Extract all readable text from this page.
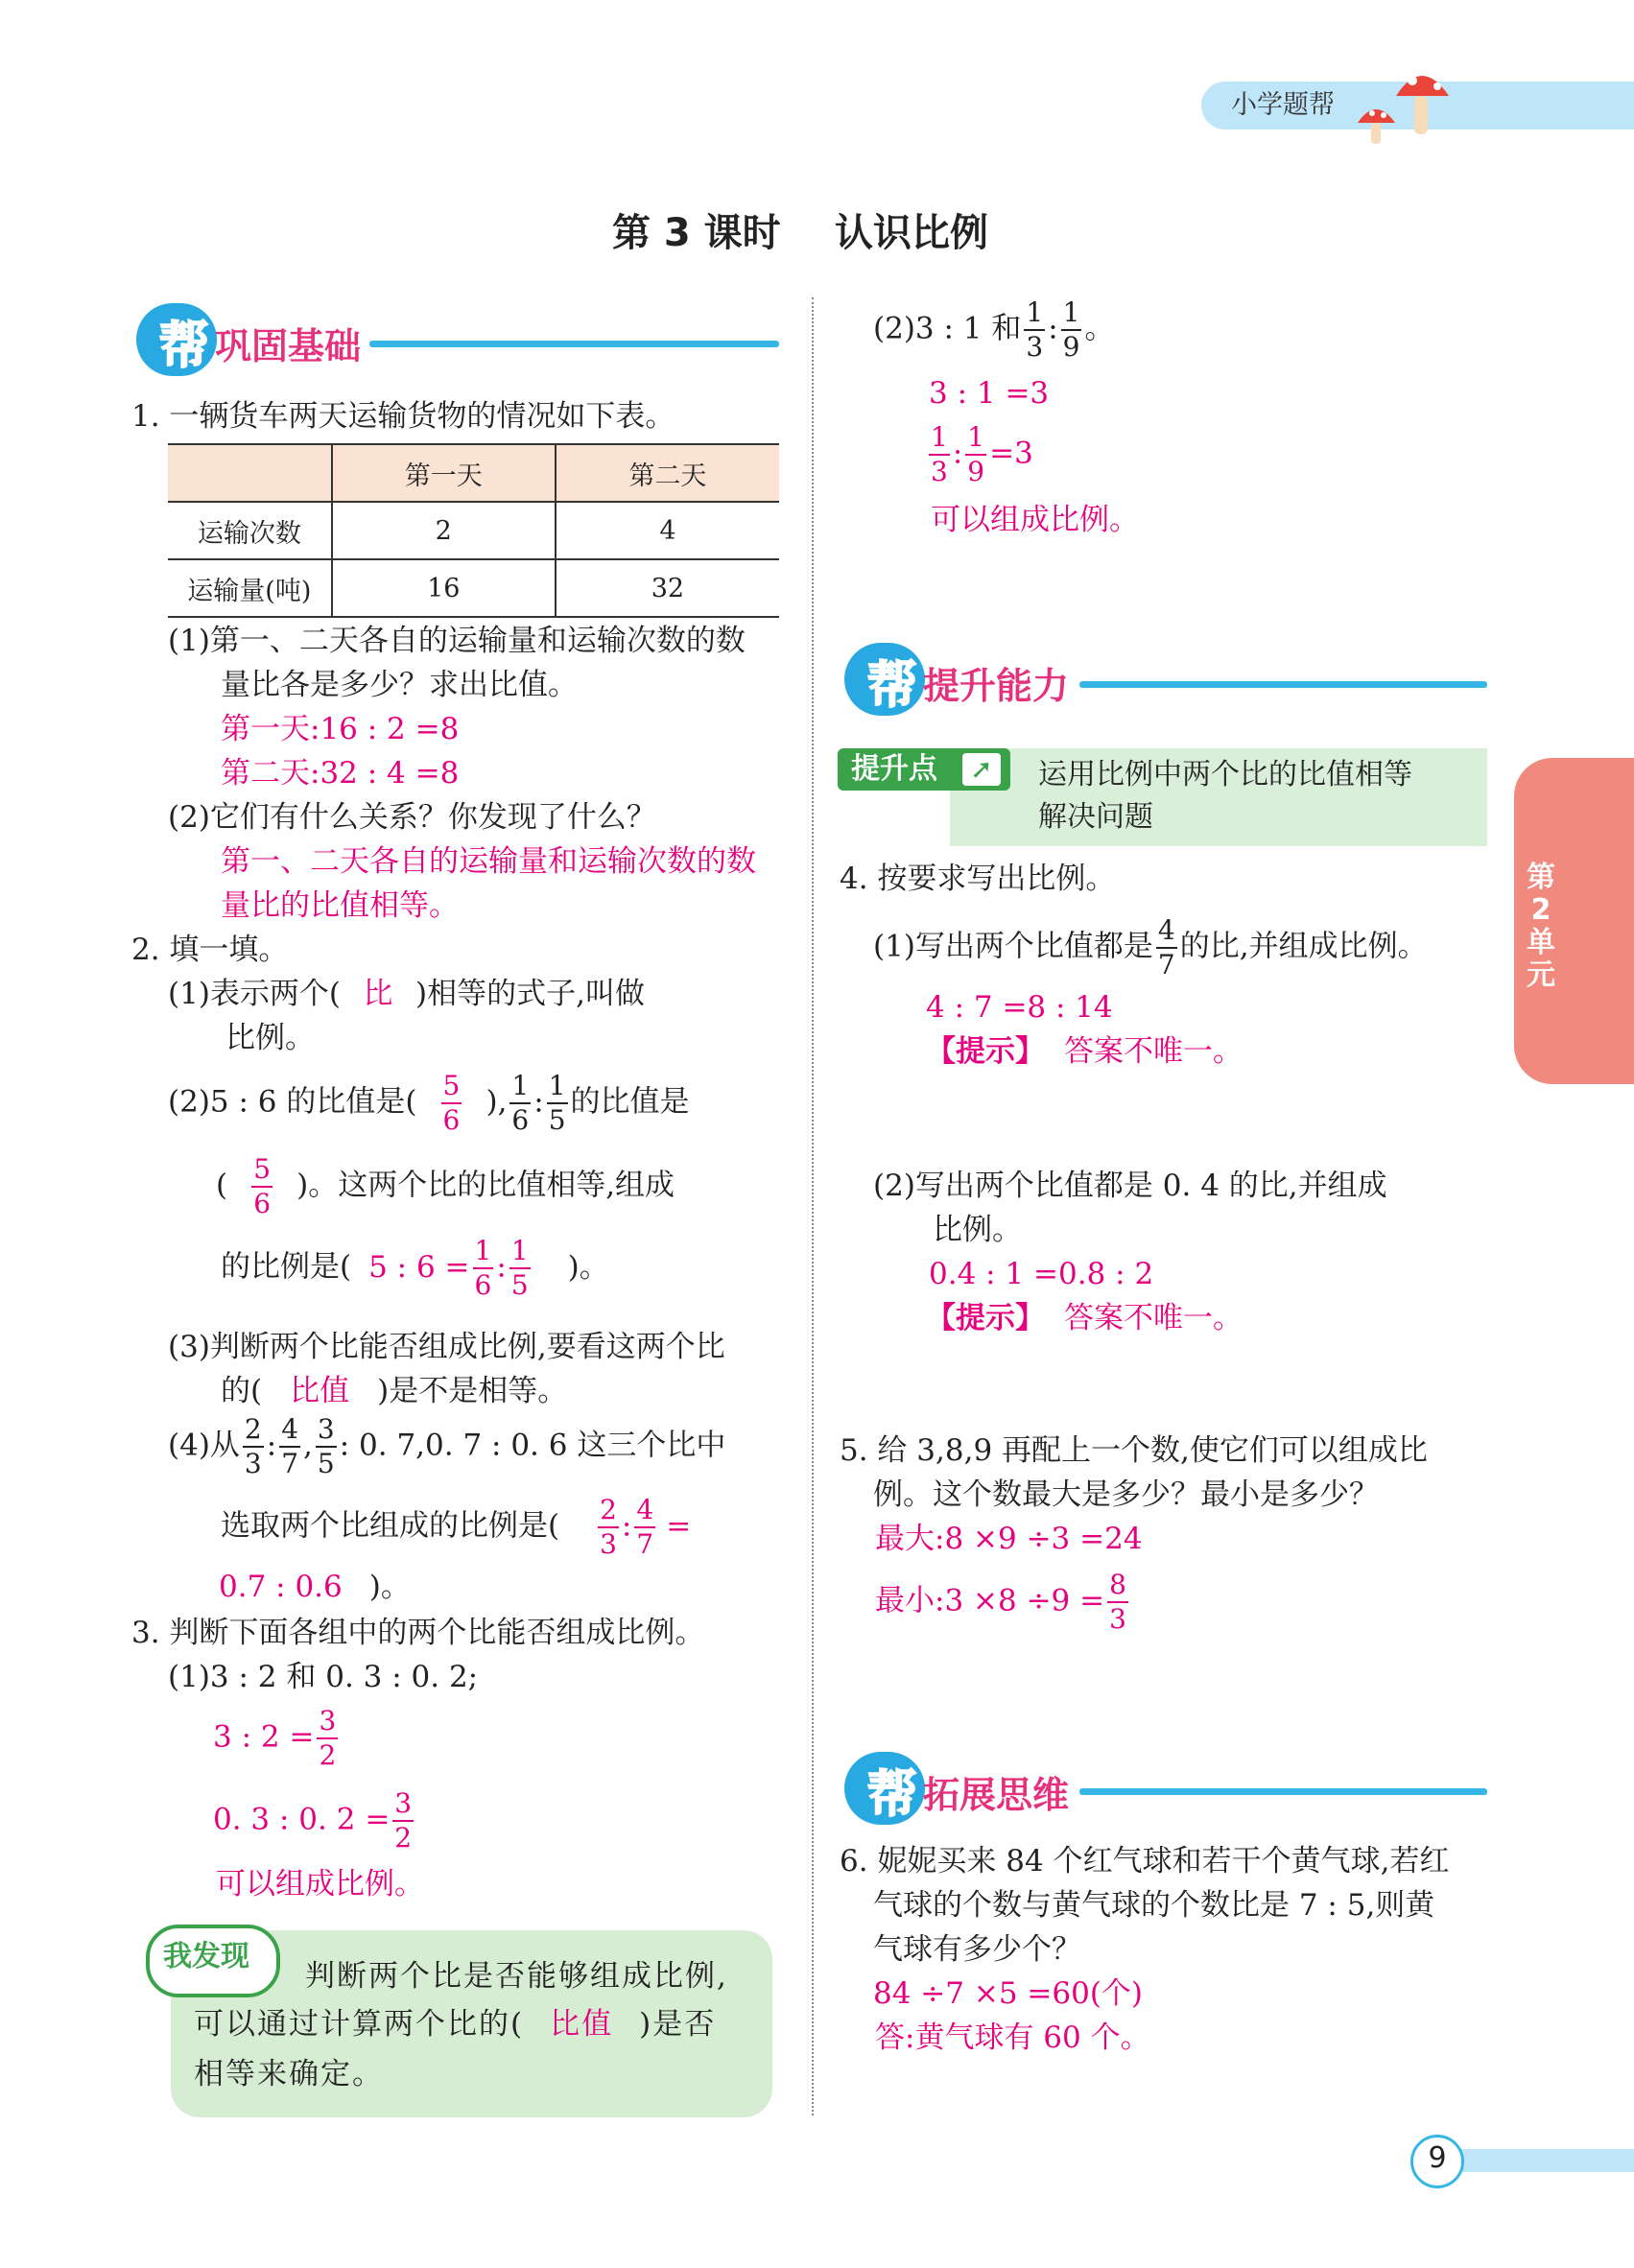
小学题帮
第 3 课时 认识比例
帮 巩固基础
1. 一辆货车两天运输货物的情况如下表。
	第一天	第二天
运输次数	2	4
运输量(吨)	16	32
(1)第一、二天各自的运输量和运输次数的数
量比各是多少？求出比值。
第一天:16 : 2 =8
第二天:32 : 4 =8
(2)它们有什么关系？你发现了什么？
第一、二天各自的运输量和运输次数的数
量比的比值相等。
2. 填一填。
(1)表示两个( 比 )相等的式子,叫做
比例。
(2)5 : 6 的比值是( $\frac{5}{6}$ ), $\frac{1}{6}$ : $\frac{1}{5}$ 的比值是
( $\frac{5}{6}$ )。这两个比的比值相等,组成
的比例是( 5 : $6 = \frac{1}{6}$ : $\frac{1}{5}$ )。
(3)判断两个比能否组成比例,要看这两个比
的( 比值 )是不是相等。
(4)从 $\frac{2}{3}$ : $\frac{4}{7}$ , $\frac{3}{5}$ : 0. 7,0. 7 : 0. 6 这三个比中
选取两个比组成的比例是( $\frac{2}{3}$ : $\frac{4}{7}$ =
0.7 : 0.6 )。
3. 判断下面各组中的两个比能否组成比例。
(1)3 : 2 和 0. 3 : 0. 2;
3 : $2 = \frac{3}{2}$
0. 3 : 0. $2 = \frac{3}{2}$
可以组成比例。
我发现
判断两个比是否能够组成比例,
可以通过计算两个比的( 比值 )是否
相等来确定。
(2)3 : 1 和 $\frac{1}{3}$ : $\frac{1}{9}$ 。
3 : 1 =3
$\frac{1}{3}$ : $\frac{1}{9} =3$
可以组成比例。
帮 提升能力
提升点 ➚ 运用比例中两个比的比值相等
解决问题
4. 按要求写出比例。
(1)写出两个比值都是 $\frac{4}{7}$ 的比,并组成比例。
4 : 7 =8 : 14
【提示】 答案不唯一。
(2)写出两个比值都是 0. 4 的比,并组成
比例。
0.4 : 1 =0.8 : 2
【提示】 答案不唯一。
5. 给 3,8,9 再配上一个数,使它们可以组成比
例。这个数最大是多少？最小是多少？
最大:8 ×9 ÷3 =24
最小:3 $\times 8 \div 9 = \frac{8}{3}$
帮 拓展思维
6. 妮妮买来 84 个红气球和若干个黄气球,若红
气球的个数与黄气球的个数比是 7 : 5,则黄
气球有多少个？
84 ÷7 ×5 =60(个)
答:黄气球有 60 个。
第
2
单
元
9
